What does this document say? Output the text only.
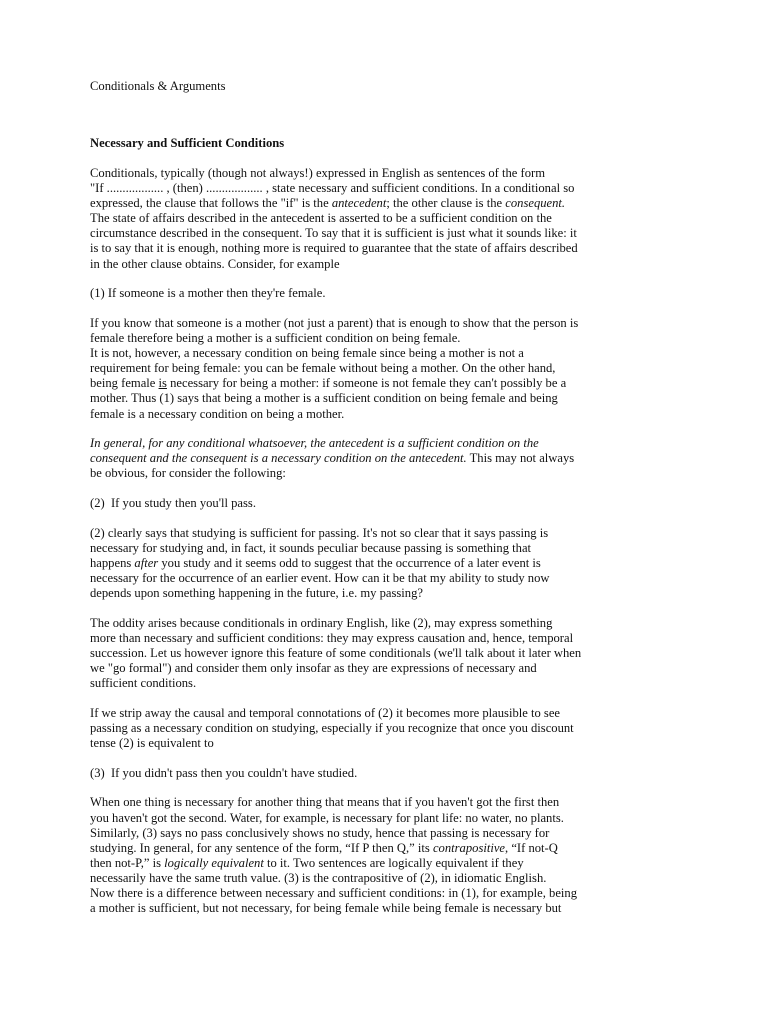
Conditionals & Arguments

Necessary and Sufficient Conditions

Conditionals, typically (though not always!) expressed in English as sentences of the form
"If .................. , (then) .................. , state necessary and sufficient conditions. In a conditional so
expressed, the clause that follows the "if" is the antecedent; the other clause is the consequent.
The state of affairs described in the antecedent is asserted to be a sufficient condition on the
circumstance described in the consequent. To say that it is sufficient is just what it sounds like: it
is to say that it is enough, nothing more is required to guarantee that the state of affairs described
in the other clause obtains. Consider, for example
(1) If someone is a mother then they're female.
If you know that someone is a mother (not just a parent) that is enough to show that the person is
female therefore being a mother is a sufficient condition on being female.
It is not, however, a necessary condition on being female since being a mother is not a
requirement for being female: you can be female without being a mother. On the other hand,
being female is necessary for being a mother: if someone is not female they can't possibly be a
mother. Thus (1) says that being a mother is a sufficient condition on being female and being
female is a necessary condition on being a mother.
In general, for any conditional whatsoever, the antecedent is a sufficient condition on the
consequent and the consequent is a necessary condition on the antecedent. This may not always
be obvious, for consider the following:
(2)  If you study then you'll pass.
(2) clearly says that studying is sufficient for passing. It's not so clear that it says passing is
necessary for studying and, in fact, it sounds peculiar because passing is something that
happens after you study and it seems odd to suggest that the occurrence of a later event is
necessary for the occurrence of an earlier event. How can it be that my ability to study now
depends upon something happening in the future, i.e. my passing?
The oddity arises because conditionals in ordinary English, like (2), may express something
more than necessary and sufficient conditions: they may express causation and, hence, temporal
succession. Let us however ignore this feature of some conditionals (we'll talk about it later when
we "go formal") and consider them only insofar as they are expressions of necessary and
sufficient conditions.
If we strip away the causal and temporal connotations of (2) it becomes more plausible to see
passing as a necessary condition on studying, especially if you recognize that once you discount
tense (2) is equivalent to
(3)  If you didn't pass then you couldn't have studied.
When one thing is necessary for another thing that means that if you haven't got the first then
you haven't got the second. Water, for example, is necessary for plant life: no water, no plants.
Similarly, (3) says no pass conclusively shows no study, hence that passing is necessary for
studying. In general, for any sentence of the form, “If P then Q,” its contrapositive, “If not-Q
then not-P,” is logically equivalent to it. Two sentences are logically equivalent if they
necessarily have the same truth value. (3) is the contrapositive of (2), in idiomatic English.
Now there is a difference between necessary and sufficient conditions: in (1), for example, being
a mother is sufficient, but not necessary, for being female while being female is necessary but
